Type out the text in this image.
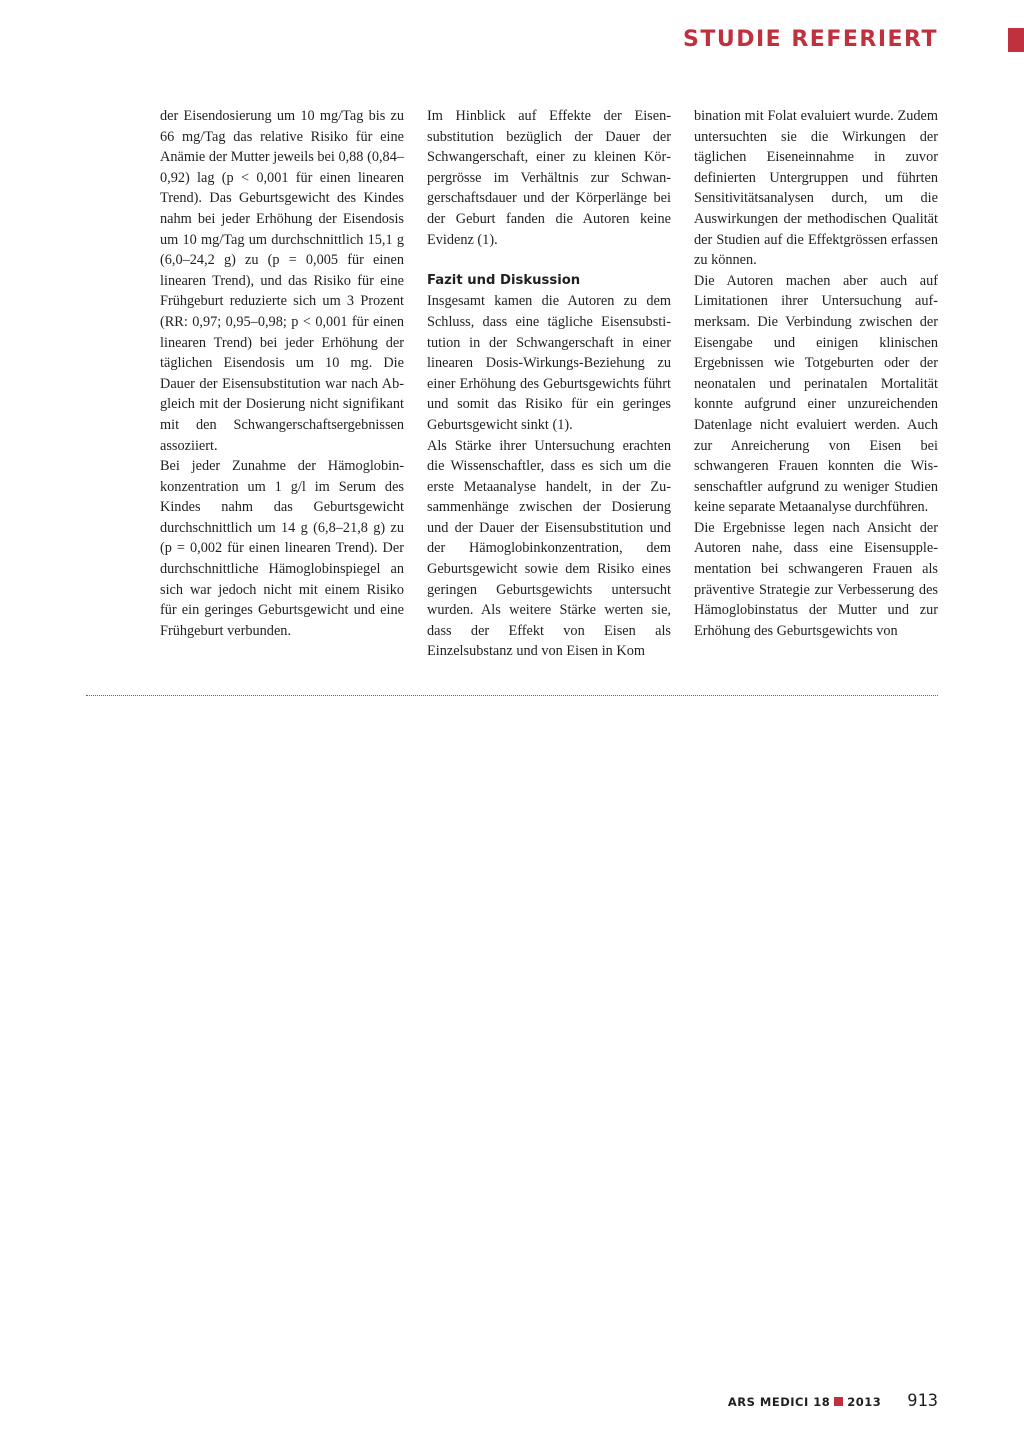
STUDIE REFERIERT

der Eisendosierung um 10 mg/Tag bis zu 66 mg/Tag das relative Risiko für eine Anämie der Mutter jeweils bei 0,88 (0,84–0,92) lag (p < 0,001 für einen linearen Trend). Das Geburtsgewicht des Kindes nahm bei jeder Erhöhung der Eisendosis um 10 mg/Tag um durchschnittlich 15,1 g (6,0–24,2 g) zu (p = 0,005 für einen linearen Trend), und das Risiko für eine Frühgeburt reduzierte sich um 3 Prozent (RR: 0,97; 0,95–0,98; p < 0,001 für einen linearen Trend) bei jeder Erhöhung der täglichen Eisendosis um 10 mg. Die Dauer der Eisensubstitution war nach Abgleich mit der Dosierung nicht signifikant mit den Schwangerschaftsergebnissen assoziiert.

Bei jeder Zunahme der Hämoglobinkonzentration um 1 g/l im Serum des Kindes nahm das Geburtsgewicht durchschnittlich um 14 g (6,8–21,8 g) zu (p = 0,002 für einen linearen Trend). Der durchschnittliche Hämoglobinspiegel an sich war jedoch nicht mit einem Risiko für ein geringes Geburtsgewicht und eine Frühgeburt verbunden.

Im Hinblick auf Effekte der Eisensubstitution bezüglich der Dauer der Schwangerschaft, einer zu kleinen Körpergrösse im Verhältnis zur Schwangerschaftsdauer und der Körperlänge bei der Geburt fanden die Autoren keine Evidenz (1).

Fazit und Diskussion

Insgesamt kamen die Autoren zu dem Schluss, dass eine tägliche Eisensubstitution in der Schwangerschaft in einer linearen Dosis-Wirkungs-Beziehung zu einer Erhöhung des Geburtsgewichts führt und somit das Risiko für ein geringes Geburtsgewicht sinkt (1).

Als Stärke ihrer Untersuchung erachten die Wissenschaftler, dass es sich um die erste Metaanalyse handelt, in der Zusammenhänge zwischen der Dosierung und der Dauer der Eisensubstitution und der Hämoglobinkonzentration, dem Geburtsgewicht sowie dem Risiko eines geringen Geburtsgewichts untersucht wurden. Als weitere Stärke werten sie, dass der Effekt von Eisen als Einzelsubstanz und von Eisen in Kom

bination mit Folat evaluiert wurde. Zudem untersuchten sie die Wirkungen der täglichen Eiseneinnahme in zuvor definierten Untergruppen und führten Sensitivitätsanalysen durch, um die Auswirkungen der methodischen Qualität der Studien auf die Effektgrössen erfassen zu können.

Die Autoren machen aber auch auf Limitationen ihrer Untersuchung aufmerksam. Die Verbindung zwischen der Eisengabe und einigen klinischen Ergebnissen wie Totgeburten oder der neonatalen und perinatalen Mortalität konnte aufgrund einer unzureichenden Datenlage nicht evaluiert werden. Auch zur Anreicherung von Eisen bei schwangeren Frauen konnten die Wissenschaftler aufgrund zu weniger Studien keine separate Metaanalyse durchführen.

Die Ergebnisse legen nach Ansicht der Autoren nahe, dass eine Eisensupplementation bei schwangeren Frauen als präventive Strategie zur Verbesserung des Hämoglobinstatus der Mutter und zur Erhöhung des Geburtsgewichts von

ARS MEDICI 18 2013 913
